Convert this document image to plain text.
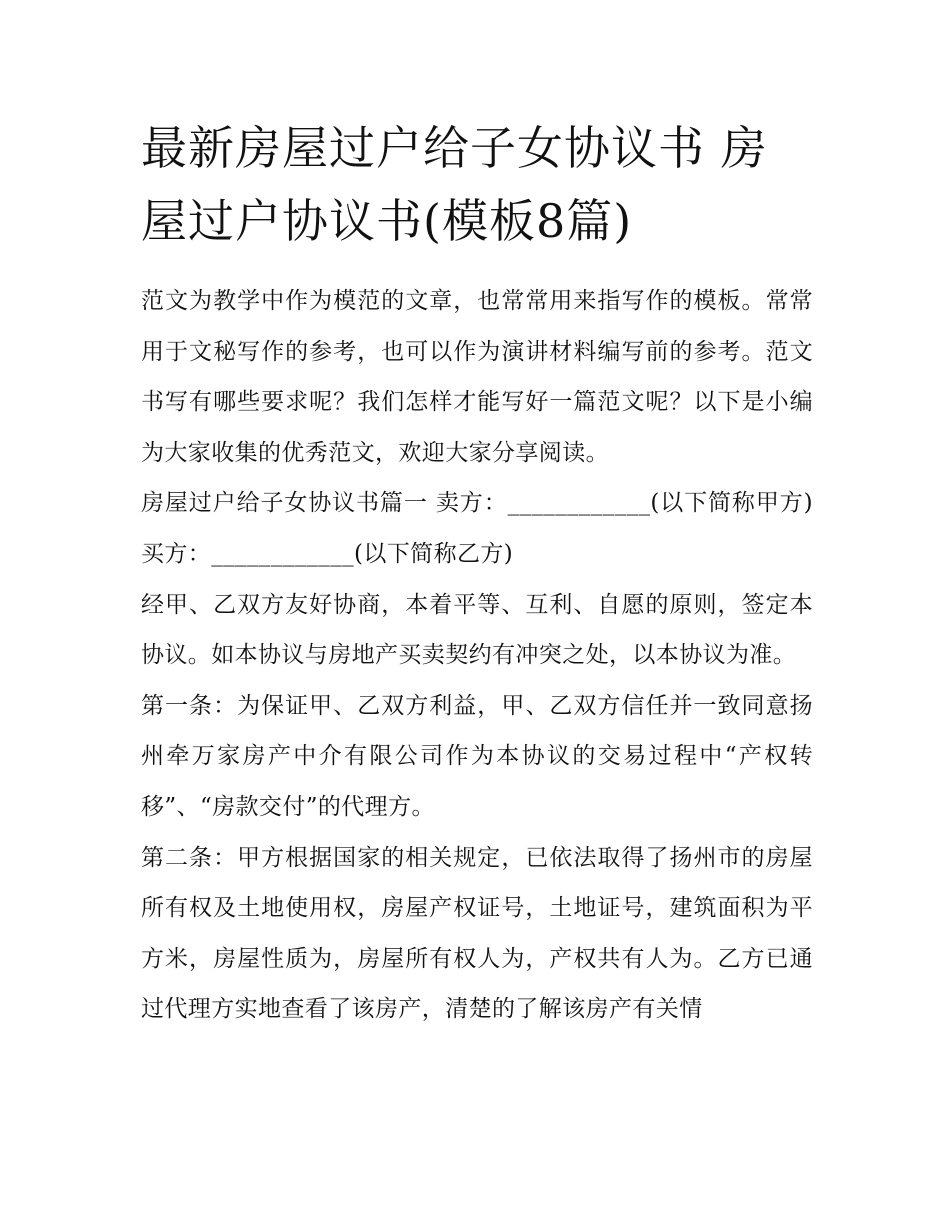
最新房屋过户给子女协议书 房
屋过户协议书(模板8篇)

范文为教学中作为模范的文章，也常常用来指写作的模板。常常用于文秘写作的参考，也可以作为演讲材料编写前的参考。范文书写有哪些要求呢？我们怎样才能写好一篇范文呢？以下是小编为大家收集的优秀范文，欢迎大家分享阅读。

房屋过户给子女协议书篇一 卖方：____________(以下简称甲方) 买方：____________(以下简称乙方)

经甲、乙双方友好协商，本着平等、互利、自愿的原则，签定本协议。如本协议与房地产买卖契约有冲突之处，以本协议为准。

第一条：为保证甲、乙双方利益，甲、乙双方信任并一致同意扬州牵万家房产中介有限公司作为本协议的交易过程中“产权转移”、“房款交付”的代理方。

第二条：甲方根据国家的相关规定，已依法取得了扬州市的房屋所有权及土地使用权，房屋产权证号，土地证号，建筑面积为平方米，房屋性质为，房屋所有权人为，产权共有人为。乙方已通过代理方实地查看了该房产，清楚的了解该房产有关情
